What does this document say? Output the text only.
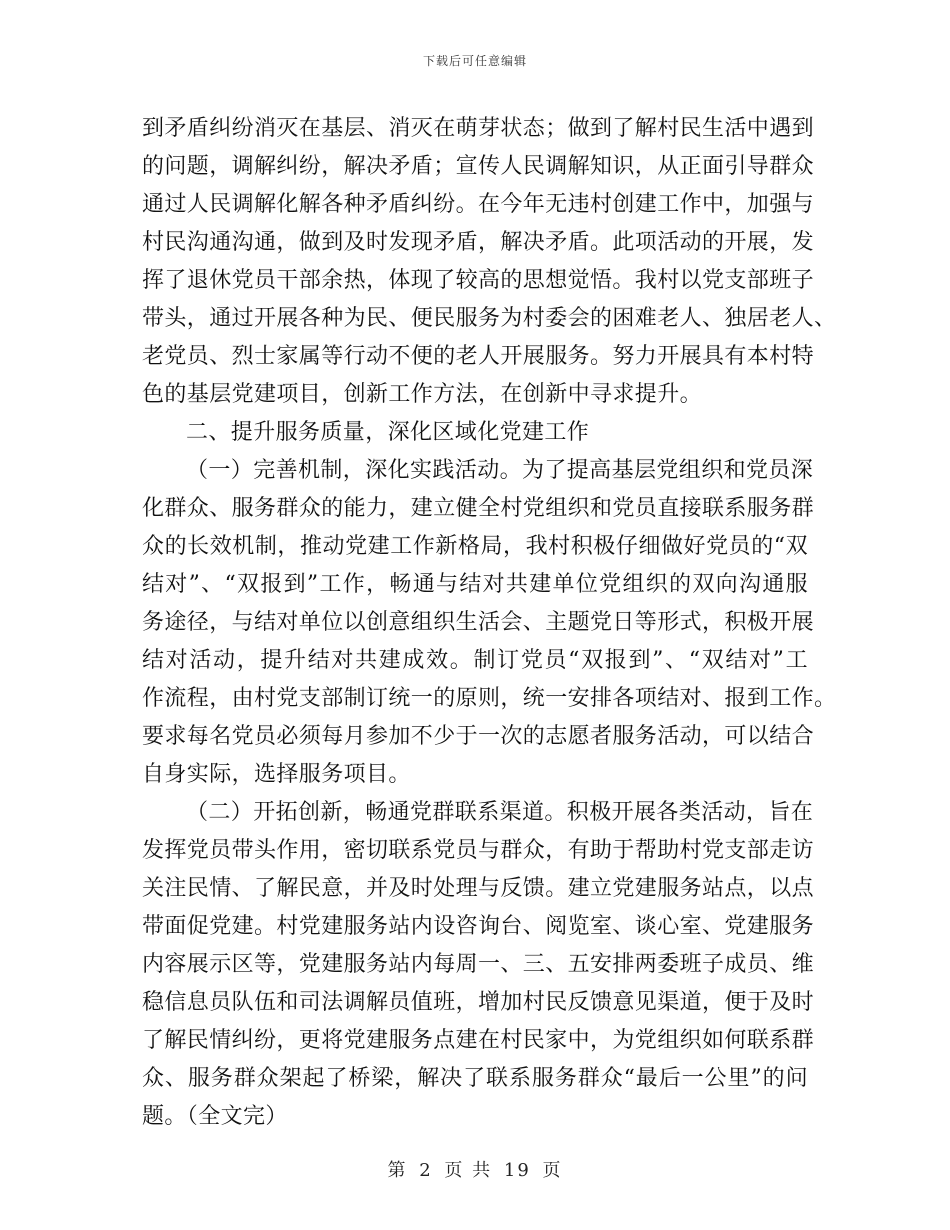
下载后可任意编辑
到矛盾纠纷消灭在基层、消灭在萌芽状态；做到了解村民生活中遇到
的问题，调解纠纷，解决矛盾；宣传人民调解知识，从正面引导群众
通过人民调解化解各种矛盾纠纷。在今年无违村创建工作中，加强与
村民沟通沟通，做到及时发现矛盾，解决矛盾。此项活动的开展，发
挥了退休党员干部余热，体现了较高的思想觉悟。我村以党支部班子
带头，通过开展各种为民、便民服务为村委会的困难老人、独居老人、
老党员、烈士家属等行动不便的老人开展服务。努力开展具有本村特
色的基层党建项目，创新工作方法，在创新中寻求提升。
二、提升服务质量，深化区域化党建工作
（一）完善机制，深化实践活动。为了提高基层党组织和党员深
化群众、服务群众的能力，建立健全村党组织和党员直接联系服务群
众的长效机制，推动党建工作新格局，我村积极仔细做好党员的“双
结对”、“双报到”工作，畅通与结对共建单位党组织的双向沟通服
务途径，与结对单位以创意组织生活会、主题党日等形式，积极开展
结对活动，提升结对共建成效。制订党员“双报到”、“双结对”工
作流程，由村党支部制订统一的原则，统一安排各项结对、报到工作。
要求每名党员必须每月参加不少于一次的志愿者服务活动，可以结合
自身实际，选择服务项目。
（二）开拓创新，畅通党群联系渠道。积极开展各类活动，旨在
发挥党员带头作用，密切联系党员与群众，有助于帮助村党支部走访
关注民情、了解民意，并及时处理与反馈。建立党建服务站点，以点
带面促党建。村党建服务站内设咨询台、阅览室、谈心室、党建服务
内容展示区等，党建服务站内每周一、三、五安排两委班子成员、维
稳信息员队伍和司法调解员值班，增加村民反馈意见渠道，便于及时
了解民情纠纷，更将党建服务点建在村民家中，为党组织如何联系群
众、服务群众架起了桥梁，解决了联系服务群众“最后一公里”的问
题。（全文完）
第 2 页 共 19 页
